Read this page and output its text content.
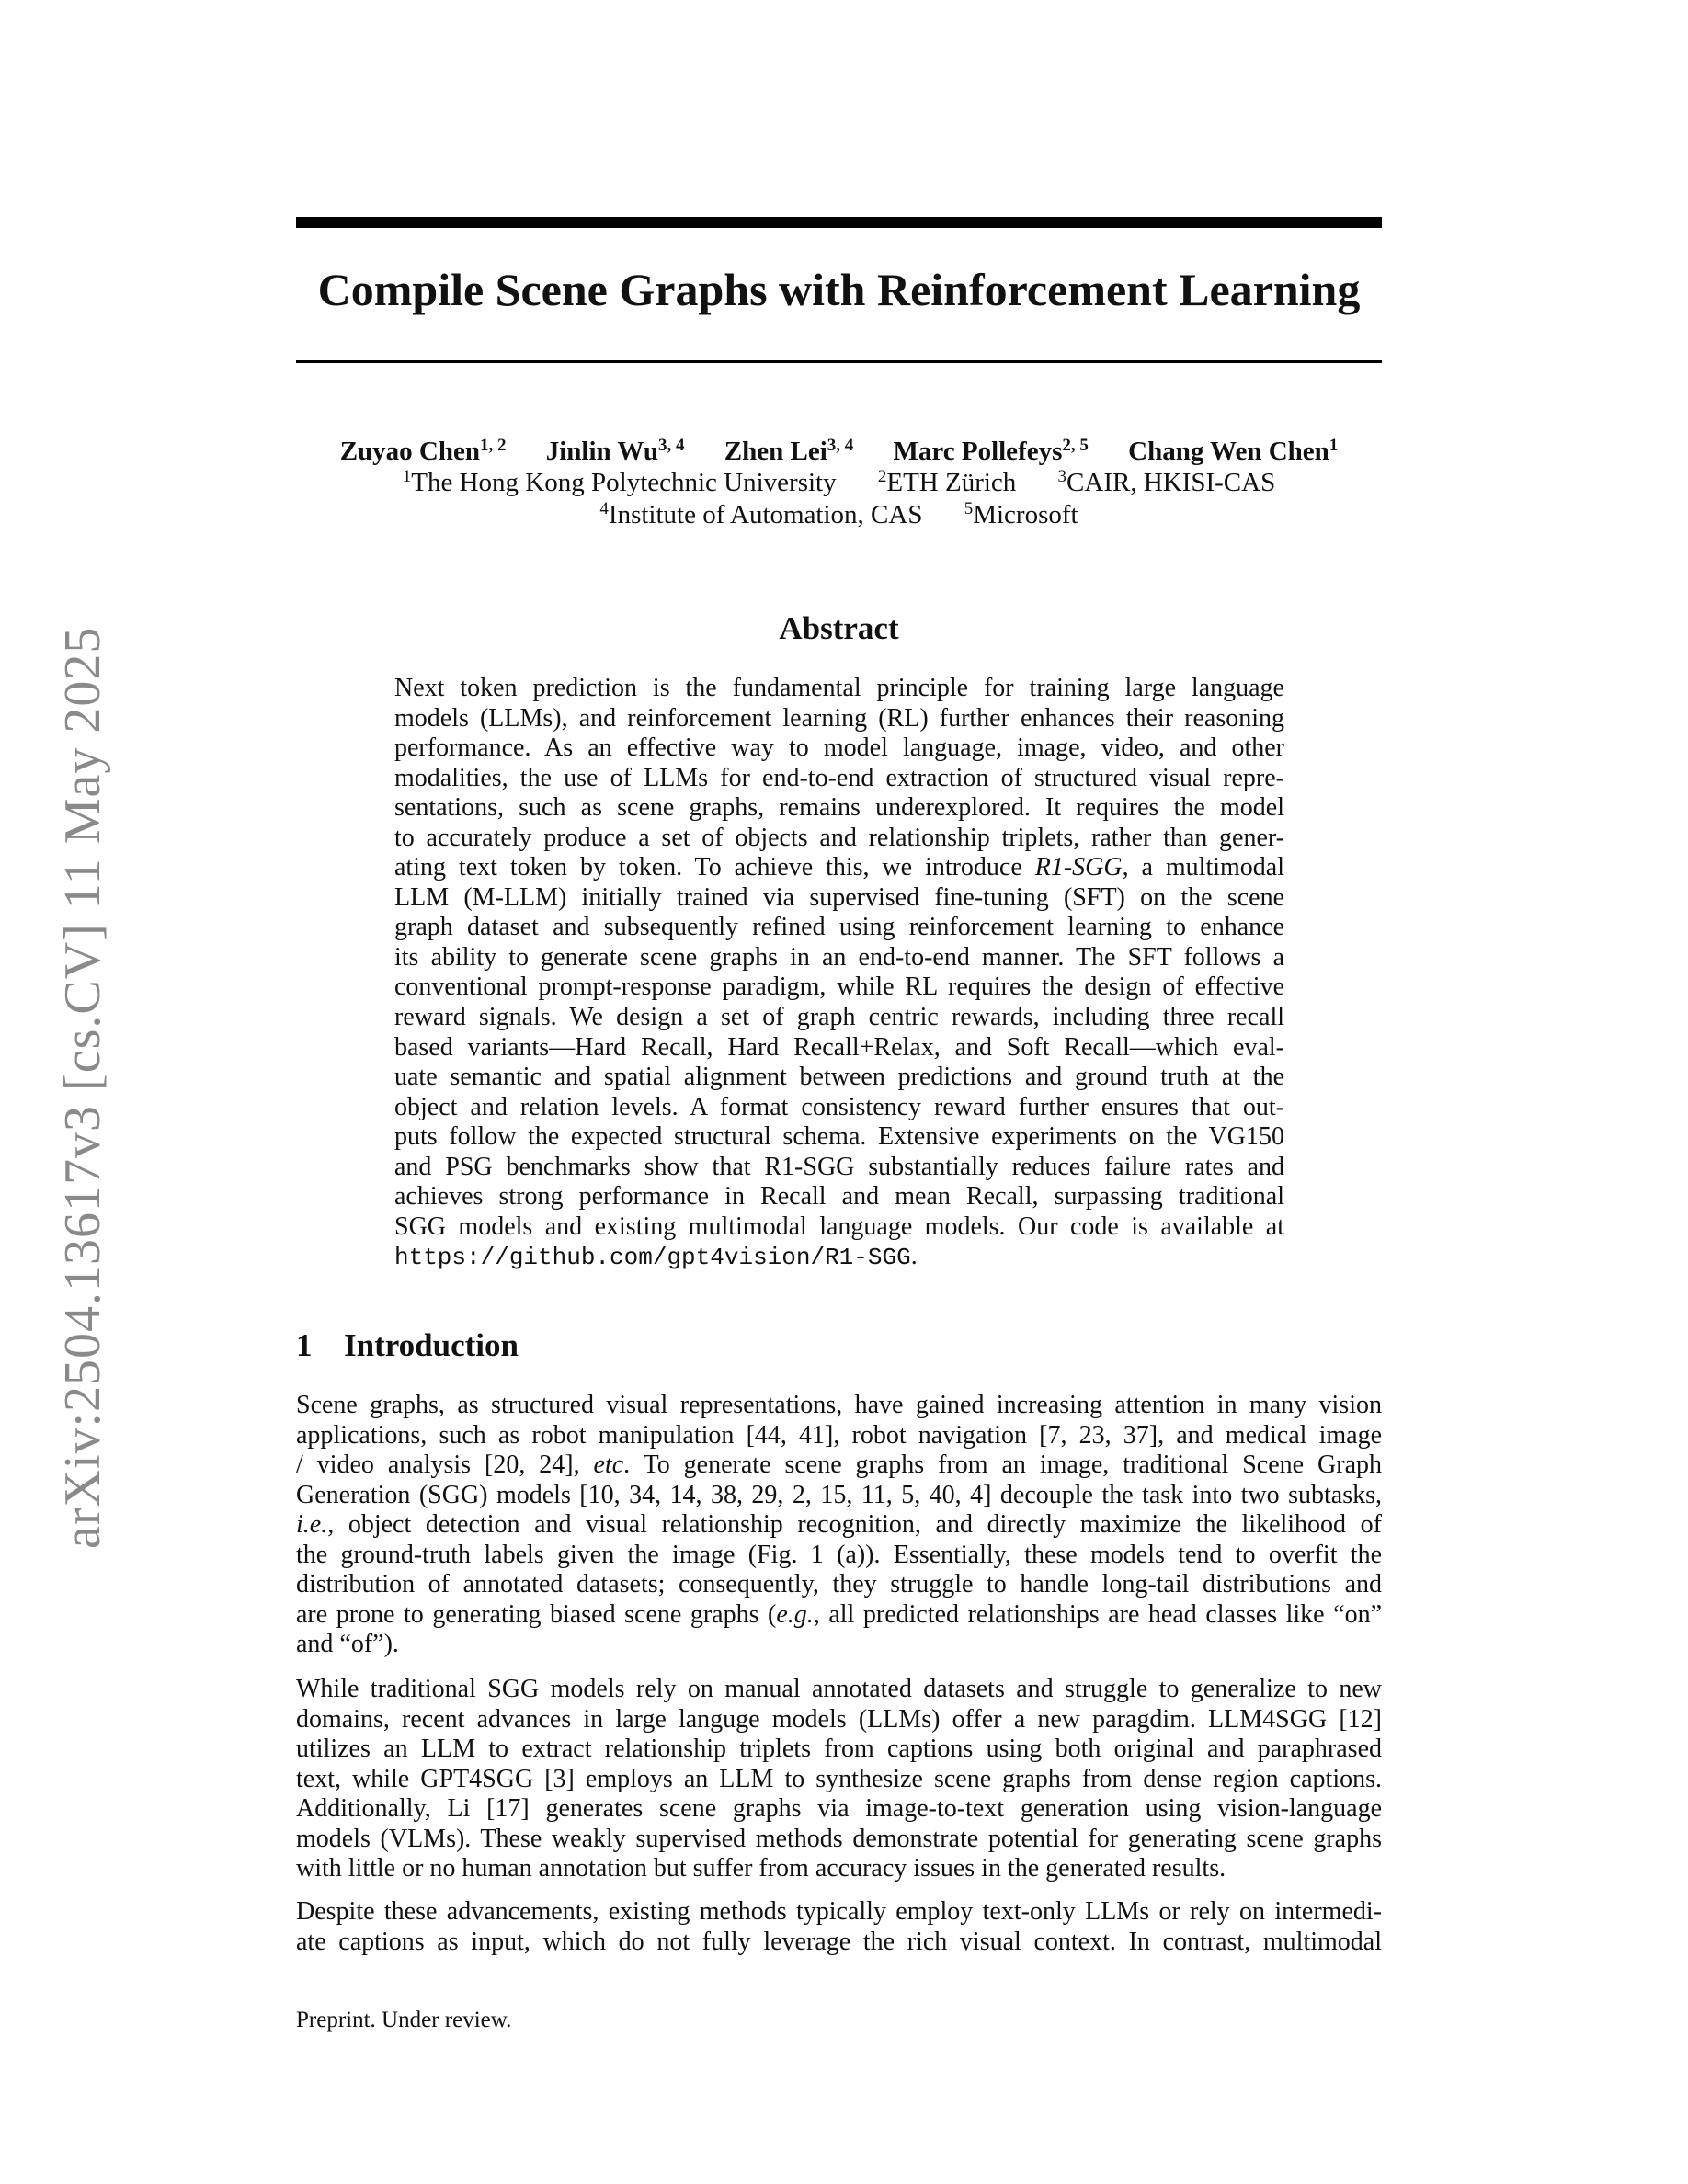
arXiv:2504.13617v3 [cs.CV] 11 May 2025
Compile Scene Graphs with Reinforcement Learning
Zuyao Chen$^{1, 2}$ Jinlin Wu$^{3, 4}$ Zhen Lei$^{3, 4}$ Marc Pollefeys$^{2, 5}$ Chang Wen Chen$^1$
$^1$The Hong Kong Polytechnic University $^2$ETH Zürich $^3$CAIR, HKISI-CAS
$^4$Institute of Automation, CAS $^5$Microsoft
Abstract
Next token prediction is the fundamental principle for training large language
models (LLMs), and reinforcement learning (RL) further enhances their reasoning
performance. As an effective way to model language, image, video, and other
modalities, the use of LLMs for end-to-end extraction of structured visual repre-
sentations, such as scene graphs, remains underexplored. It requires the model
to accurately produce a set of objects and relationship triplets, rather than gener-
ating text token by token. To achieve this, we introduce R1-SGG, a multimodal
LLM (M-LLM) initially trained via supervised fine-tuning (SFT) on the scene
graph dataset and subsequently refined using reinforcement learning to enhance
its ability to generate scene graphs in an end-to-end manner. The SFT follows a
conventional prompt-response paradigm, while RL requires the design of effective
reward signals. We design a set of graph centric rewards, including three recall
based variants—Hard Recall, Hard Recall+Relax, and Soft Recall—which eval-
uate semantic and spatial alignment between predictions and ground truth at the
object and relation levels. A format consistency reward further ensures that out-
puts follow the expected structural schema. Extensive experiments on the VG150
and PSG benchmarks show that R1-SGG substantially reduces failure rates and
achieves strong performance in Recall and mean Recall, surpassing traditional
SGG models and existing multimodal language models. Our code is available at
https://github.com/gpt4vision/R1-SGG.
1 Introduction
Scene graphs, as structured visual representations, have gained increasing attention in many vision
applications, such as robot manipulation [44, 41], robot navigation [7, 23, 37], and medical image
/ video analysis [20, 24], etc. To generate scene graphs from an image, traditional Scene Graph
Generation (SGG) models [10, 34, 14, 38, 29, 2, 15, 11, 5, 40, 4] decouple the task into two subtasks,
i.e., object detection and visual relationship recognition, and directly maximize the likelihood of
the ground-truth labels given the image (Fig. 1 (a)). Essentially, these models tend to overfit the
distribution of annotated datasets; consequently, they struggle to handle long-tail distributions and
are prone to generating biased scene graphs (e.g., all predicted relationships are head classes like “on”
and “of”).
While traditional SGG models rely on manual annotated datasets and struggle to generalize to new
domains, recent advances in large languge models (LLMs) offer a new paragdim. LLM4SGG [12]
utilizes an LLM to extract relationship triplets from captions using both original and paraphrased
text, while GPT4SGG [3] employs an LLM to synthesize scene graphs from dense region captions.
Additionally, Li [17] generates scene graphs via image-to-text generation using vision-language
models (VLMs). These weakly supervised methods demonstrate potential for generating scene graphs
with little or no human annotation but suffer from accuracy issues in the generated results.
Despite these advancements, existing methods typically employ text-only LLMs or rely on intermedi-
ate captions as input, which do not fully leverage the rich visual context. In contrast, multimodal
Preprint. Under review.
